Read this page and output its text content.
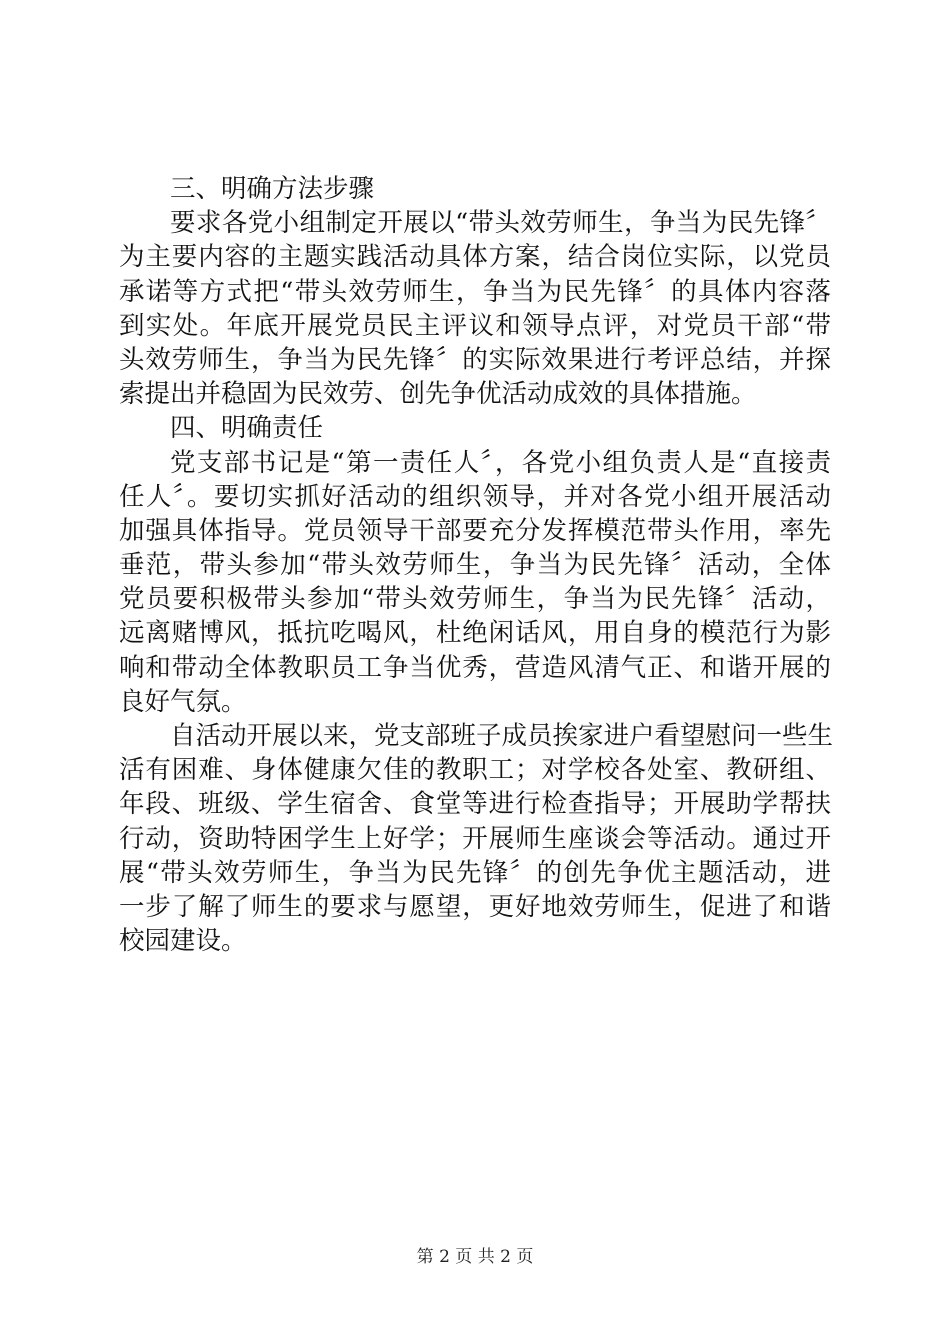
三、明确方法步骤
要求各党小组制定开展以“带头效劳师生，争当为民先锋〞
为主要内容的主题实践活动具体方案，结合岗位实际，以党员
承诺等方式把“带头效劳师生，争当为民先锋〞的具体内容落
到实处。年底开展党员民主评议和领导点评，对党员干部“带
头效劳师生，争当为民先锋〞的实际效果进行考评总结，并探
索提出并稳固为民效劳、创先争优活动成效的具体措施。
四、明确责任
党支部书记是“第一责任人〞，各党小组负责人是“直接责
任人〞。要切实抓好活动的组织领导，并对各党小组开展活动
加强具体指导。党员领导干部要充分发挥模范带头作用，率先
垂范，带头参加“带头效劳师生，争当为民先锋〞活动，全体
党员要积极带头参加“带头效劳师生，争当为民先锋〞活动，
远离赌博风，抵抗吃喝风，杜绝闲话风，用自身的模范行为影
响和带动全体教职员工争当优秀，营造风清气正、和谐开展的
良好气氛。
自活动开展以来，党支部班子成员挨家进户看望慰问一些生
活有困难、身体健康欠佳的教职工；对学校各处室、教研组、
年段、班级、学生宿舍、食堂等进行检查指导；开展助学帮扶
行动，资助特困学生上好学；开展师生座谈会等活动。通过开
展“带头效劳师生，争当为民先锋〞的创先争优主题活动，进
一步了解了师生的要求与愿望，更好地效劳师生，促进了和谐
校园建设。
第 2 页 共 2 页
